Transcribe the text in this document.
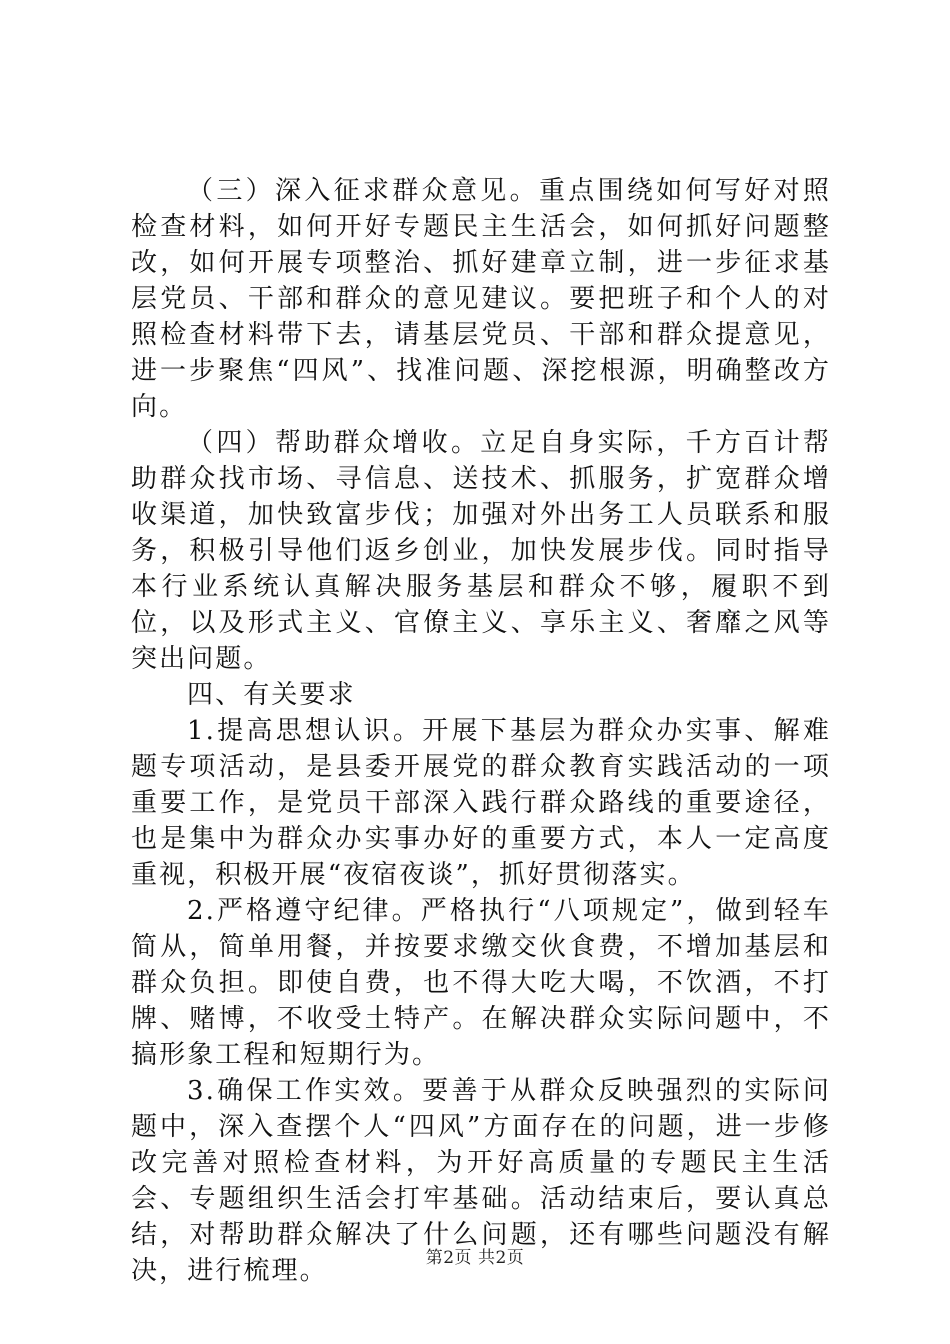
（三）深入征求群众意见。重点围绕如何写好对照检查材料，如何开好专题民主生活会，如何抓好问题整改，如何开展专项整治、抓好建章立制，进一步征求基层党员、干部和群众的意见建议。要把班子和个人的对照检查材料带下去，请基层党员、干部和群众提意见，进一步聚焦“四风”、找准问题、深挖根源，明确整改方向。

（四）帮助群众增收。立足自身实际，千方百计帮助群众找市场、寻信息、送技术、抓服务，扩宽群众增收渠道，加快致富步伐；加强对外出务工人员联系和服务，积极引导他们返乡创业，加快发展步伐。同时指导本行业系统认真解决服务基层和群众不够，履职不到位，以及形式主义、官僚主义、享乐主义、奢靡之风等突出问题。

四、有关要求

1.提高思想认识。开展下基层为群众办实事、解难题专项活动，是县委开展党的群众教育实践活动的一项重要工作，是党员干部深入践行群众路线的重要途径，也是集中为群众办实事办好的重要方式，本人一定高度重视，积极开展“夜宿夜谈”，抓好贯彻落实。

2.严格遵守纪律。严格执行“八项规定”，做到轻车简从，简单用餐，并按要求缴交伙食费，不增加基层和群众负担。即使自费，也不得大吃大喝，不饮酒，不打牌、赌博，不收受土特产。在解决群众实际问题中，不搞形象工程和短期行为。

3.确保工作实效。要善于从群众反映强烈的实际问题中，深入查摆个人“四风”方面存在的问题，进一步修改完善对照检查材料，为开好高质量的专题民主生活会、专题组织生活会打牢基础。活动结束后，要认真总结，对帮助群众解决了什么问题，还有哪些问题没有解决，进行梳理。	第2页 共2页
